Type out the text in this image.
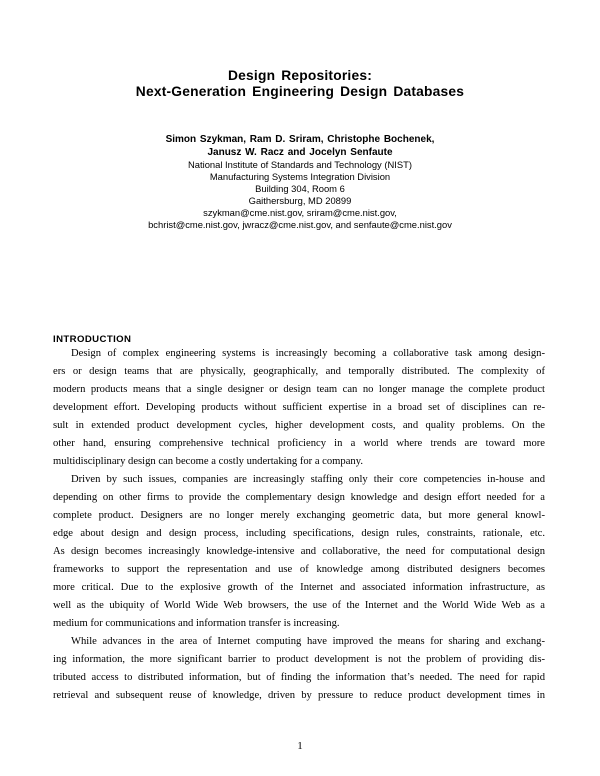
Design Repositories:
Next-Generation Engineering Design Databases
Simon Szykman, Ram D. Sriram, Christophe Bochenek,
Janusz W. Racz and Jocelyn Senfaute
National Institute of Standards and Technology (NIST)
Manufacturing Systems Integration Division
Building 304, Room 6
Gaithersburg, MD 20899
szykman@cme.nist.gov, sriram@cme.nist.gov,
bchrist@cme.nist.gov, jwracz@cme.nist.gov, and senfaute@cme.nist.gov
INTRODUCTION
Design of complex engineering systems is increasingly becoming a collaborative task among design-
ers or design teams that are physically, geographically, and temporally distributed. The complexity of
modern products means that a single designer or design team can no longer manage the complete product
development effort. Developing products without sufficient expertise in a broad set of disciplines can re-
sult in extended product development cycles, higher development costs, and quality problems. On the
other hand, ensuring comprehensive technical proficiency in a world where trends are toward more
multidisciplinary design can become a costly undertaking for a company.
Driven by such issues, companies are increasingly staffing only their core competencies in-house and
depending on other firms to provide the complementary design knowledge and design effort needed for a
complete product. Designers are no longer merely exchanging geometric data, but more general knowl-
edge about design and design process, including specifications, design rules, constraints, rationale, etc.
As design becomes increasingly knowledge-intensive and collaborative, the need for computational design
frameworks to support the representation and use of knowledge among distributed designers becomes
more critical. Due to the explosive growth of the Internet and associated information infrastructure, as
well as the ubiquity of World Wide Web browsers, the use of the Internet and the World Wide Web as a
medium for communications and information transfer is increasing.
While advances in the area of Internet computing have improved the means for sharing and exchang-
ing information, the more significant barrier to product development is not the problem of providing dis-
tributed access to distributed information, but of finding the information that’s needed. The need for rapid
retrieval and subsequent reuse of knowledge, driven by pressure to reduce product development times in
1
